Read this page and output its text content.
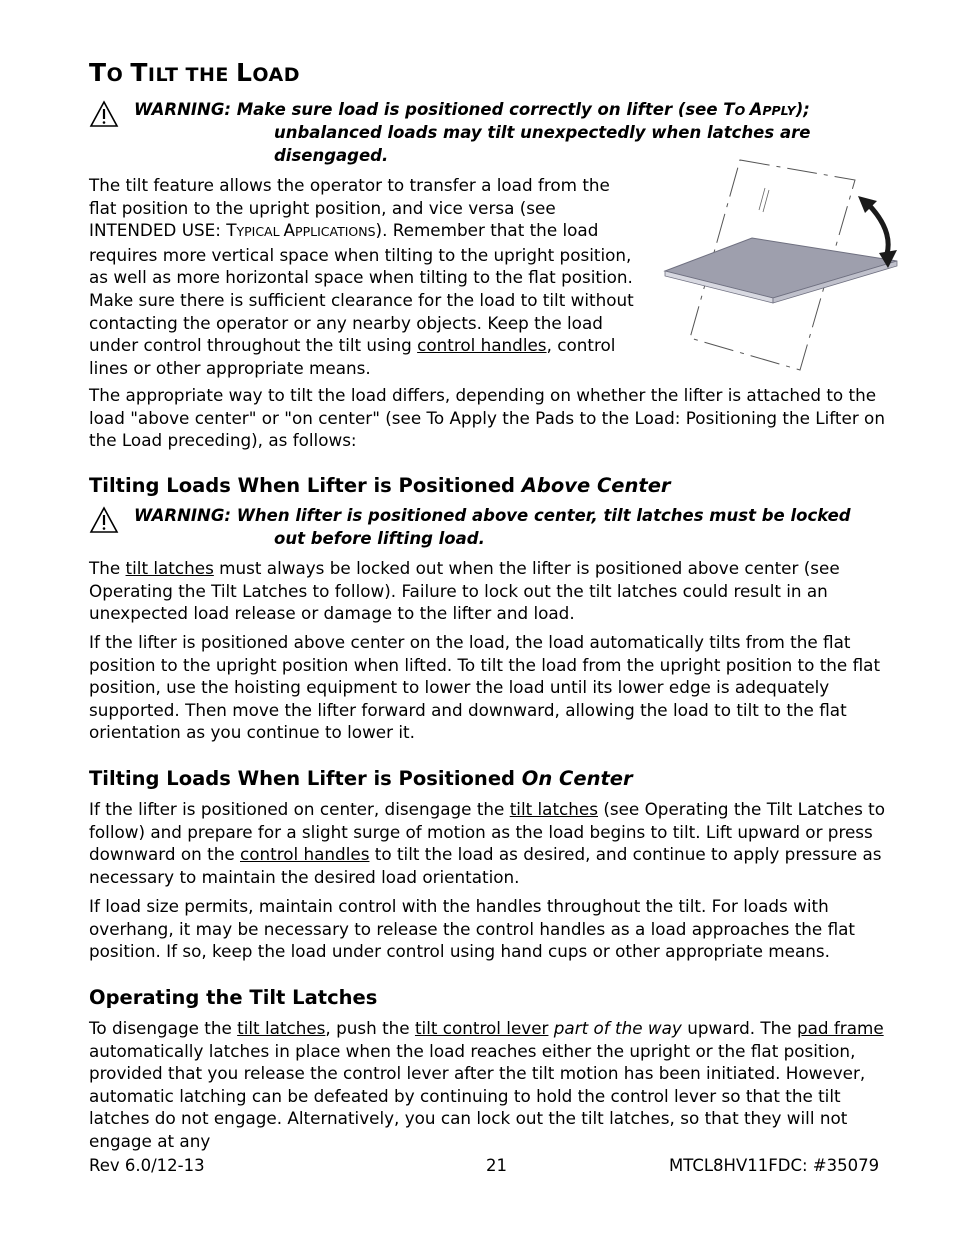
TO TILT THE LOAD
WARNING: Make sure load is positioned correctly on lifter (see TO APPLY);
unbalanced loads may tilt unexpectedly when latches are
disengaged.

The tilt feature allows the operator to transfer a load from the flat position to the upright position, and vice versa (see INTENDED USE: TYPICAL APPLICATIONS). Remember that the load requires more vertical space when tilting to the upright position, as well as more horizontal space when tilting to the flat position. Make sure there is sufficient clearance for the load to tilt without contacting the operator or any nearby objects. Keep the load under control throughout the tilt using control handles, control lines or other appropriate means.

The appropriate way to tilt the load differs, depending on whether the lifter is attached to the load "above center" or "on center" (see To Apply the Pads to the Load: Positioning the Lifter on the Load preceding), as follows:

Tilting Loads When Lifter is Positioned Above Center
WARNING: When lifter is positioned above center, tilt latches must be locked
out before lifting load.

The tilt latches must always be locked out when the lifter is positioned above center (see Operating the Tilt Latches to follow). Failure to lock out the tilt latches could result in an unexpected load release or damage to the lifter and load.

If the lifter is positioned above center on the load, the load automatically tilts from the flat position to the upright position when lifted. To tilt the load from the upright position to the flat position, use the hoisting equipment to lower the load until its lower edge is adequately supported. Then move the lifter forward and downward, allowing the load to tilt to the flat orientation as you continue to lower it.

Tilting Loads When Lifter is Positioned On Center

If the lifter is positioned on center, disengage the tilt latches (see Operating the Tilt Latches to follow) and prepare for a slight surge of motion as the load begins to tilt. Lift upward or press downward on the control handles to tilt the load as desired, and continue to apply pressure as necessary to maintain the desired load orientation.

If load size permits, maintain control with the handles throughout the tilt. For loads with overhang, it may be necessary to release the control handles as a load approaches the flat position. If so, keep the load under control using hand cups or other appropriate means.

Operating the Tilt Latches

To disengage the tilt latches, push the tilt control lever part of the way upward. The pad frame automatically latches in place when the load reaches either the upright or the flat position, provided that you release the control lever after the tilt motion has been initiated. However, automatic latching can be defeated by continuing to hold the control lever so that the tilt latches do not engage. Alternatively, you can lock out the tilt latches, so that they will not engage at any

Rev 6.0/12-13	21	MTCL8HV11FDC: #35079
